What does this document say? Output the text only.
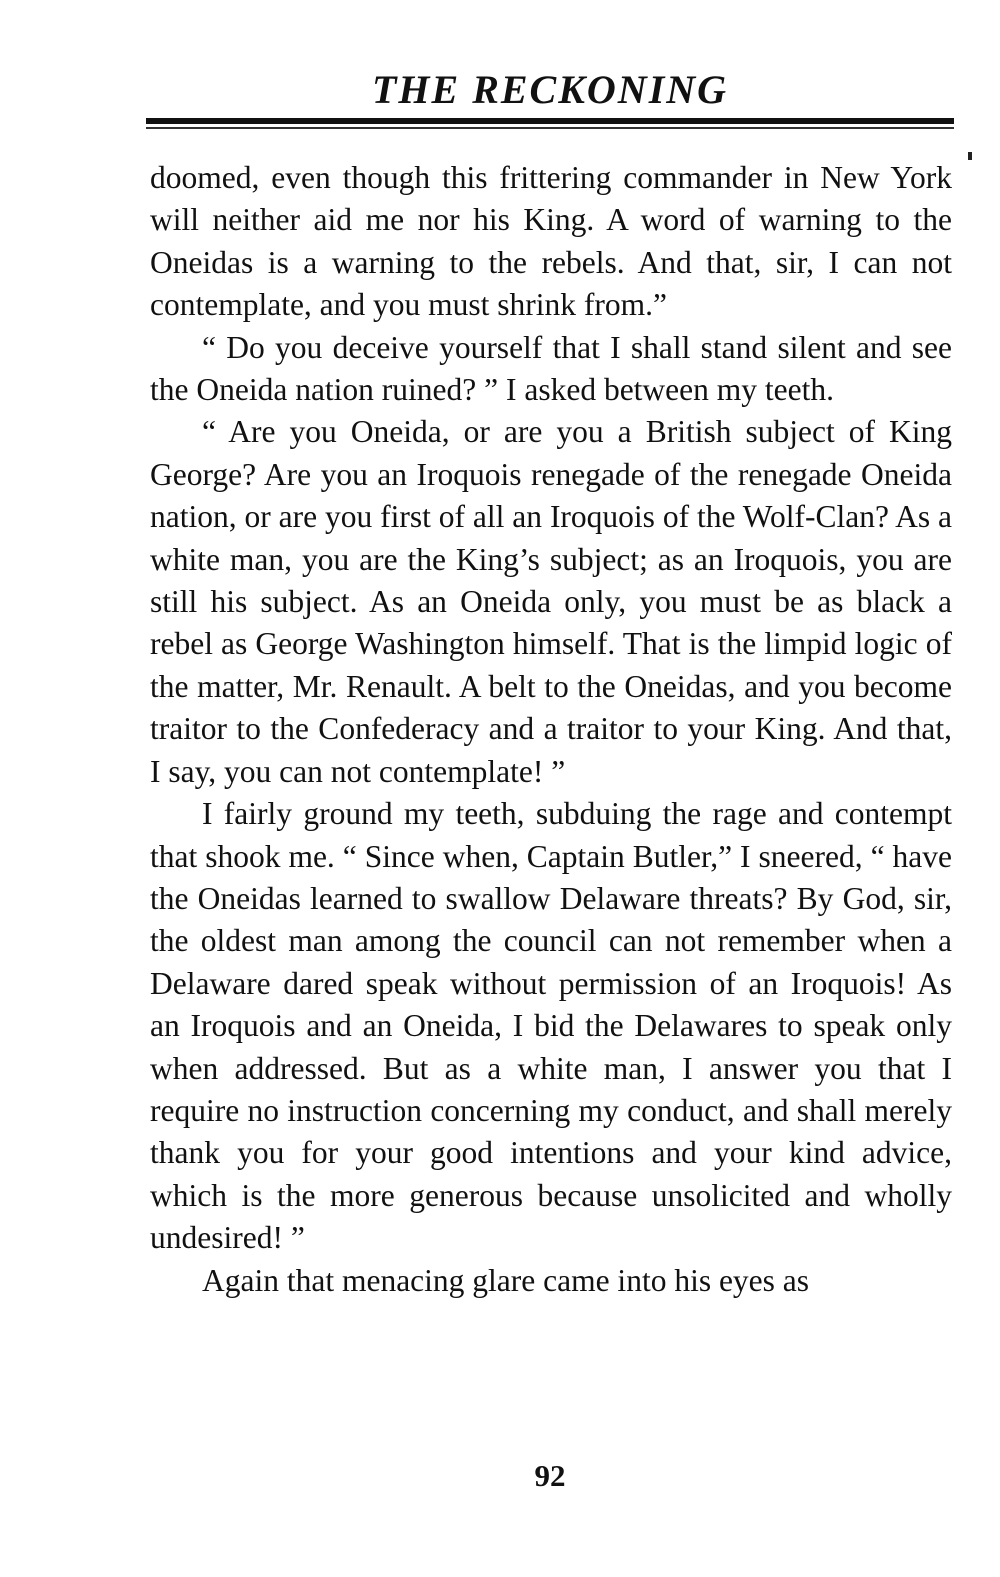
THE RECKONING

doomed, even though this frittering commander in New York will neither aid me nor his King. A word of warning to the Oneidas is a warning to the rebels. And that, sir, I can not contemplate, and you must shrink from.”

“ Do you deceive yourself that I shall stand silent and see the Oneida nation ruined? ” I asked between my teeth.

“ Are you Oneida, or are you a British subject of King George? Are you an Iroquois renegade of the renegade Oneida nation, or are you first of all an Iroquois of the Wolf-Clan? As a white man, you are the King’s subject; as an Iroquois, you are still his subject. As an Oneida only, you must be as black a rebel as George Washington himself. That is the limpid logic of the matter, Mr. Renault. A belt to the Oneidas, and you become traitor to the Confederacy and a traitor to your King. And that, I say, you can not contemplate! ”

I fairly ground my teeth, subduing the rage and contempt that shook me. “ Since when, Captain Butler,” I sneered, “ have the Oneidas learned to swallow Delaware threats? By God, sir, the oldest man among the council can not remember when a Delaware dared speak without permission of an Iroquois! As an Iroquois and an Oneida, I bid the Delawares to speak only when addressed. But as a white man, I answer you that I require no instruction concerning my conduct, and shall merely thank you for your good intentions and your kind advice, which is the more generous because unsolicited and wholly undesired! ”

Again that menacing glare came into his eyes as

92
